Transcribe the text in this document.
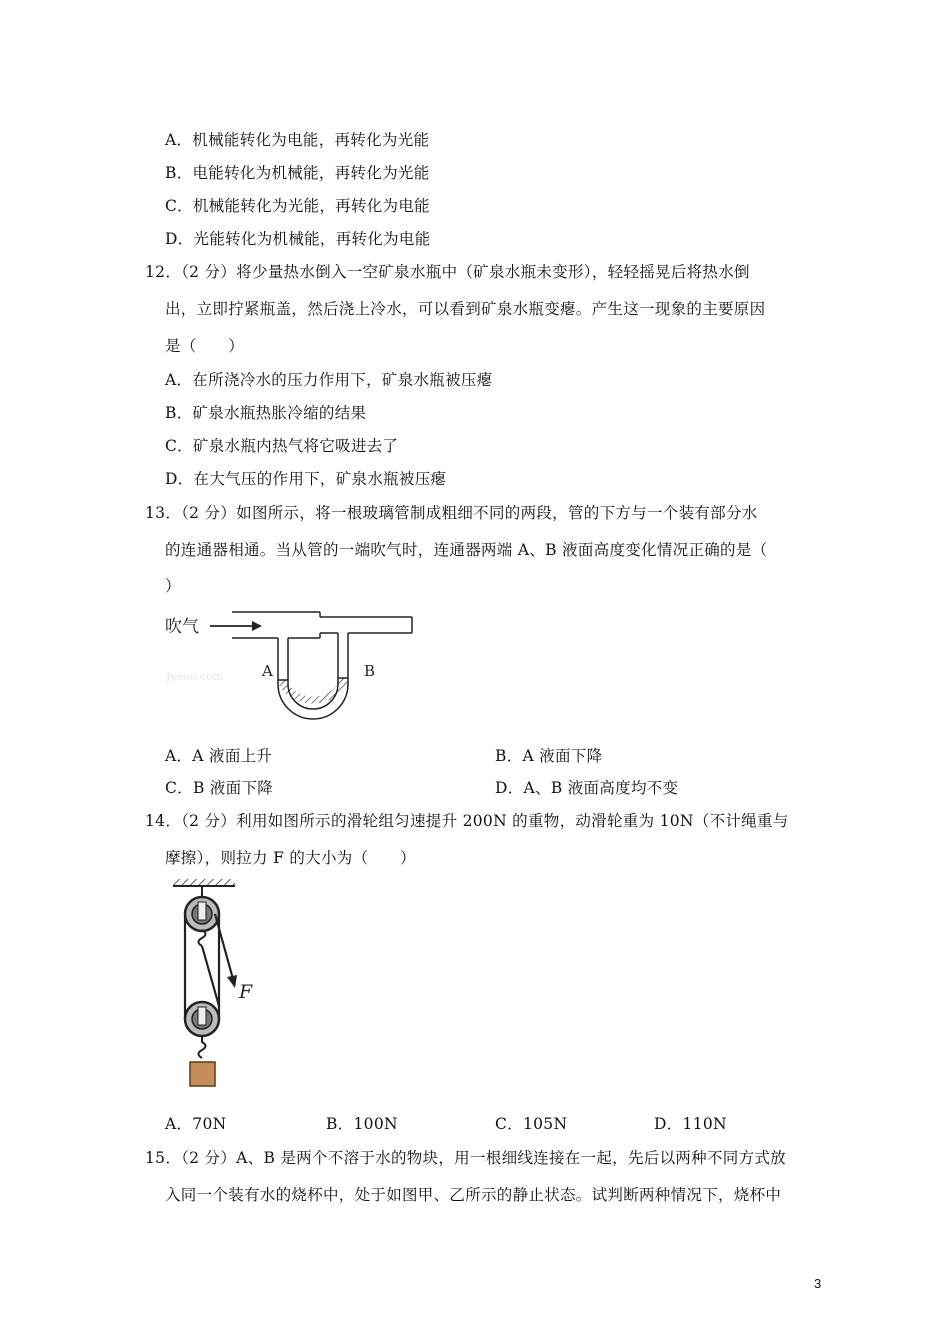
A．机械能转化为电能，再转化为光能
B．电能转化为机械能，再转化为光能
C．机械能转化为光能，再转化为电能
D．光能转化为机械能，再转化为电能
12．（2 分）将少量热水倒入一空矿泉水瓶中（矿泉水瓶未变形），轻轻摇晃后将热水倒
出，立即拧紧瓶盖，然后浇上冷水，可以看到矿泉水瓶变瘪。产生这一现象的主要原因
是（　　）
A．在所浇冷水的压力作用下，矿泉水瓶被压瘪
B．矿泉水瓶热胀冷缩的结果
C．矿泉水瓶内热气将它吸进去了
D．在大气压的作用下，矿泉水瓶被压瘪
13．（2 分）如图所示，将一根玻璃管制成粗细不同的两段，管的下方与一个装有部分水
的连通器相通。当从管的一端吹气时，连通器两端 A、B 液面高度变化情况正确的是（
）
吹气
A	B
Jyeoo.com
A．A 液面上升	B．A 液面下降
C．B 液面下降	D．A、B 液面高度均不变
14．（2 分）利用如图所示的滑轮组匀速提升 200N 的重物，动滑轮重为 10N（不计绳重与
摩擦），则拉力 F 的大小为（　　）
F
A．70N	B．100N	C．105N	D．110N
15．（2 分）A、B 是两个不溶于水的物块，用一根细线连接在一起，先后以两种不同方式放
入同一个装有水的烧杯中，处于如图甲、乙所示的静止状态。试判断两种情况下，烧杯中
3
